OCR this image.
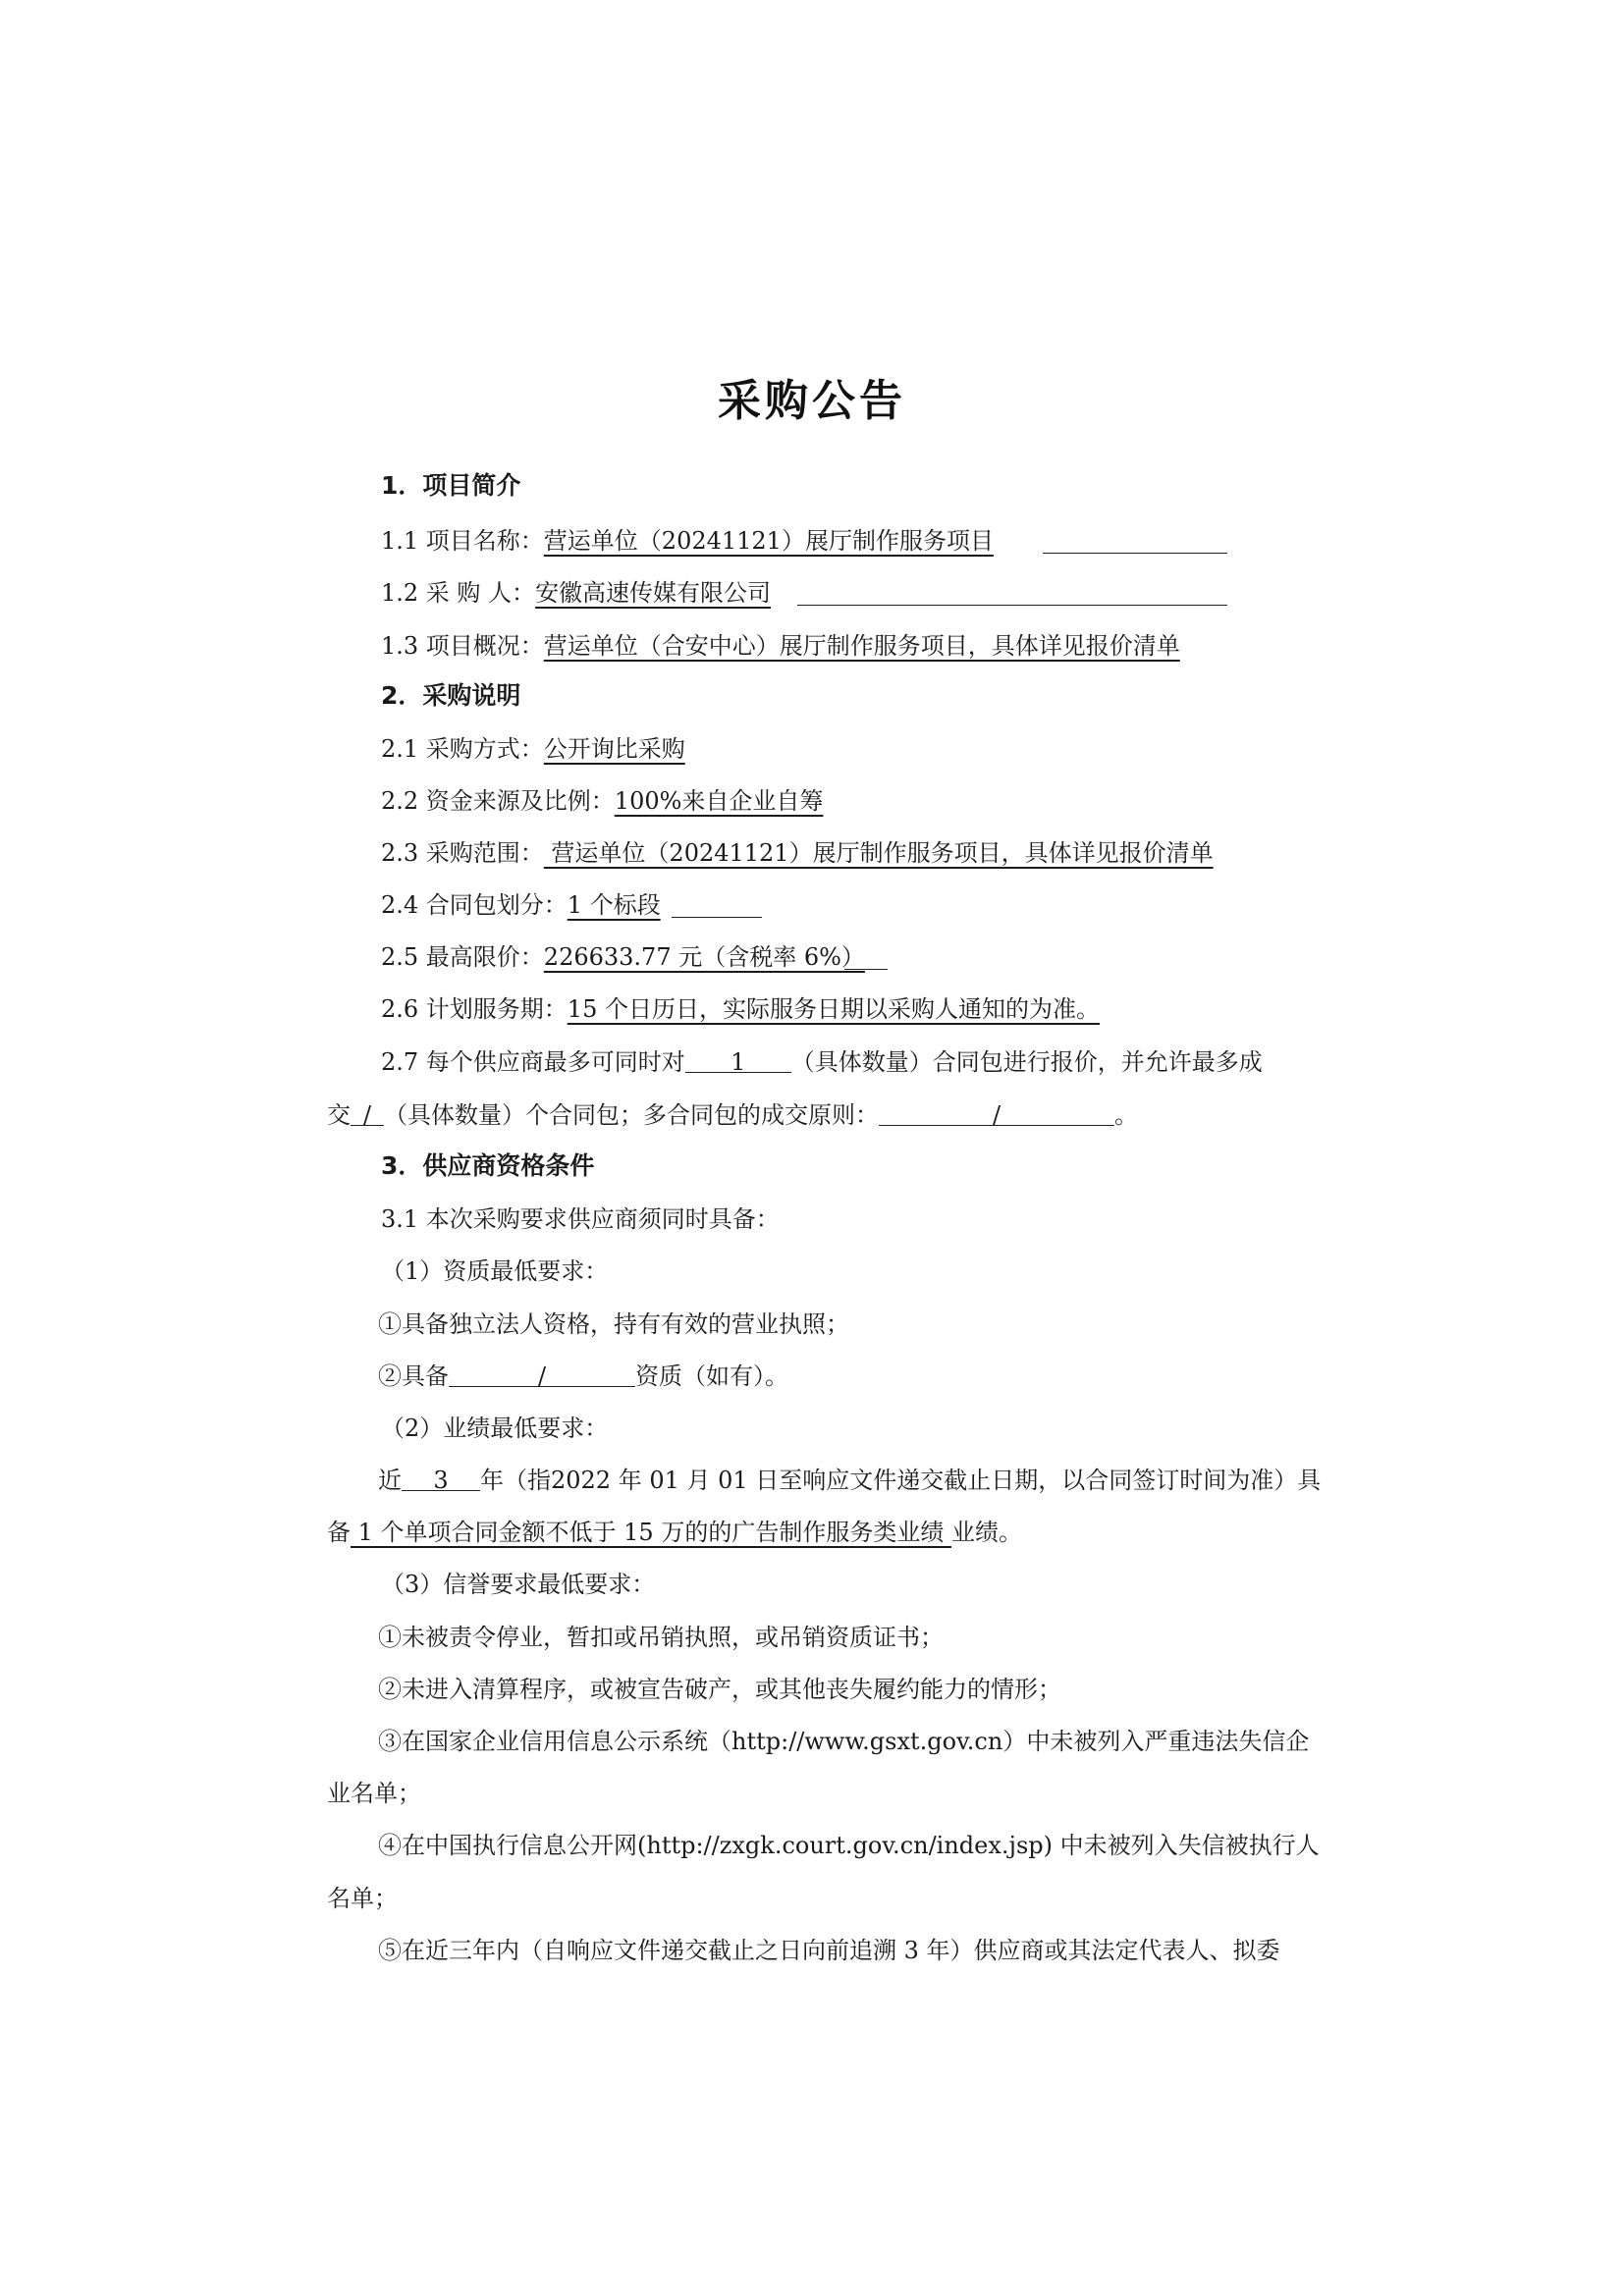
采购公告
1．项目简介
1.1 项目名称：营运单位（20241121）展厅制作服务项目
1.2 采 购 人：安徽高速传媒有限公司
1.3 项目概况：营运单位（合安中心）展厅制作服务项目，具体详见报价清单
2．采购说明
2.1 采购方式：公开询比采购
2.2 资金来源及比例：100%来自企业自筹
2.3 采购范围： 营运单位（20241121）展厅制作服务项目，具体详见报价清单
2.4 合同包划分：1 个标段
2.5 最高限价：226633.77 元（含税率 6%）
2.6 计划服务期：15 个日历日，实际服务日期以采购人通知的为准。
2.7 每个供应商最多可同时对 1 （具体数量）合同包进行报价，并允许最多成
交 / （具体数量）个合同包；多合同包的成交原则：	/	。
3．供应商资格条件
3.1 本次采购要求供应商须同时具备：
（1）资质最低要求：
①具备独立法人资格，持有有效的营业执照；
②具备	/	资质（如有）。
（2）业绩最低要求：
近 3 年（指2022 年 01 月 01 日至响应文件递交截止日期，以合同签订时间为准）具
备 1 个单项合同金额不低于 15 万的的广告制作服务类业绩 业绩。
（3）信誉要求最低要求：
①未被责令停业，暂扣或吊销执照，或吊销资质证书；
②未进入清算程序，或被宣告破产，或其他丧失履约能力的情形；
③在国家企业信用信息公示系统（http://www.gsxt.gov.cn）中未被列入严重违法失信企
业名单；
④在中国执行信息公开网(http://zxgk.court.gov.cn/index.jsp) 中未被列入失信被执行人
名单；
⑤在近三年内（自响应文件递交截止之日向前追溯 3 年）供应商或其法定代表人、拟委
